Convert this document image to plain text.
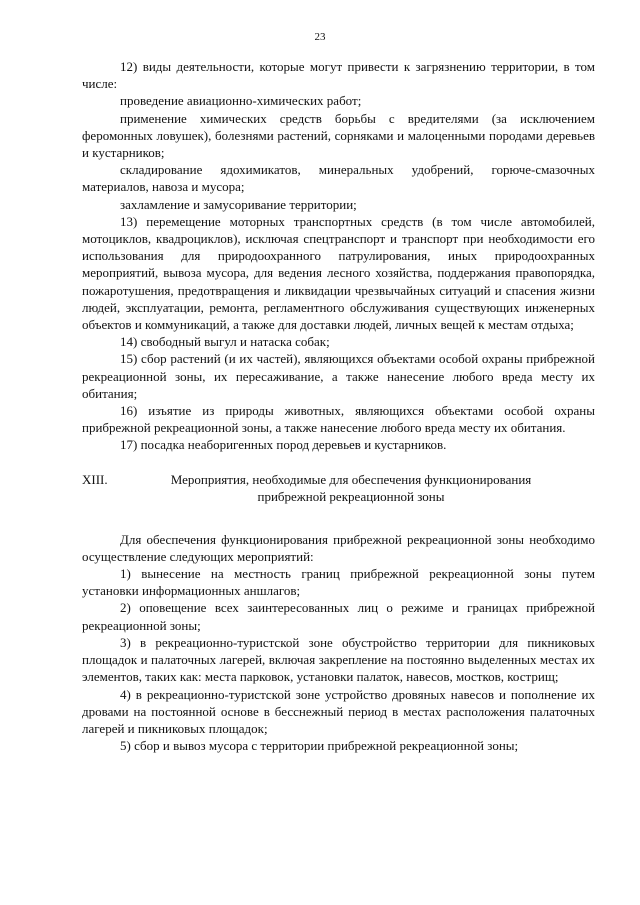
23

12) виды деятельности, которые могут привести к загрязнению территории, в том числе:

проведение авиационно-химических работ;

применение химических средств борьбы с вредителями (за исключением феромонных ловушек), болезнями растений, сорняками и малоценными породами деревьев и кустарников;

складирование ядохимикатов, минеральных удобрений, горюче-смазочных материалов, навоза и мусора;

захламление и замусоривание территории;

13) перемещение моторных транспортных средств (в том числе автомобилей, мотоциклов, квадроциклов), исключая спецтранспорт и транспорт при необходимости его использования для природоохранного патрулирования, иных природоохранных мероприятий, вывоза мусора, для ведения лесного хозяйства, поддержания правопорядка, пожаротушения, предотвращения и ликвидации чрезвычайных ситуаций и спасения жизни людей, эксплуатации, ремонта, регламентного обслуживания существующих инженерных объектов и коммуникаций, а также для доставки людей, личных вещей к местам отдыха;

14) свободный выгул и натаска собак;

15) сбор растений (и их частей), являющихся объектами особой охраны прибрежной рекреационной зоны, их пересаживание, а также нанесение любого вреда месту их обитания;

16) изъятие из природы животных, являющихся объектами особой охраны прибрежной рекреационной зоны, а также нанесение любого вреда месту их обитания.

17) посадка неаборигенных пород деревьев и кустарников.

XIII.	Мероприятия, необходимые для обеспечения функционирования
прибрежной рекреационной зоны

Для обеспечения функционирования прибрежной рекреационной зоны необходимо осуществление следующих мероприятий:

1) вынесение на местность границ прибрежной рекреационной зоны путем установки информационных аншлагов;

2) оповещение всех заинтересованных лиц о режиме и границах прибрежной рекреационной зоны;

3) в рекреационно-туристской зоне обустройство территории для пикниковых площадок и палаточных лагерей, включая закрепление на постоянно выделенных местах их элементов, таких как: места парковок, установки палаток, навесов, мостков, кострищ;

4) в рекреационно-туристской зоне устройство дровяных навесов и пополнение их дровами на постоянной основе в бесснежный период в местах расположения палаточных лагерей и пикниковых площадок;

5) сбор и вывоз мусора с территории прибрежной рекреационной зоны;
